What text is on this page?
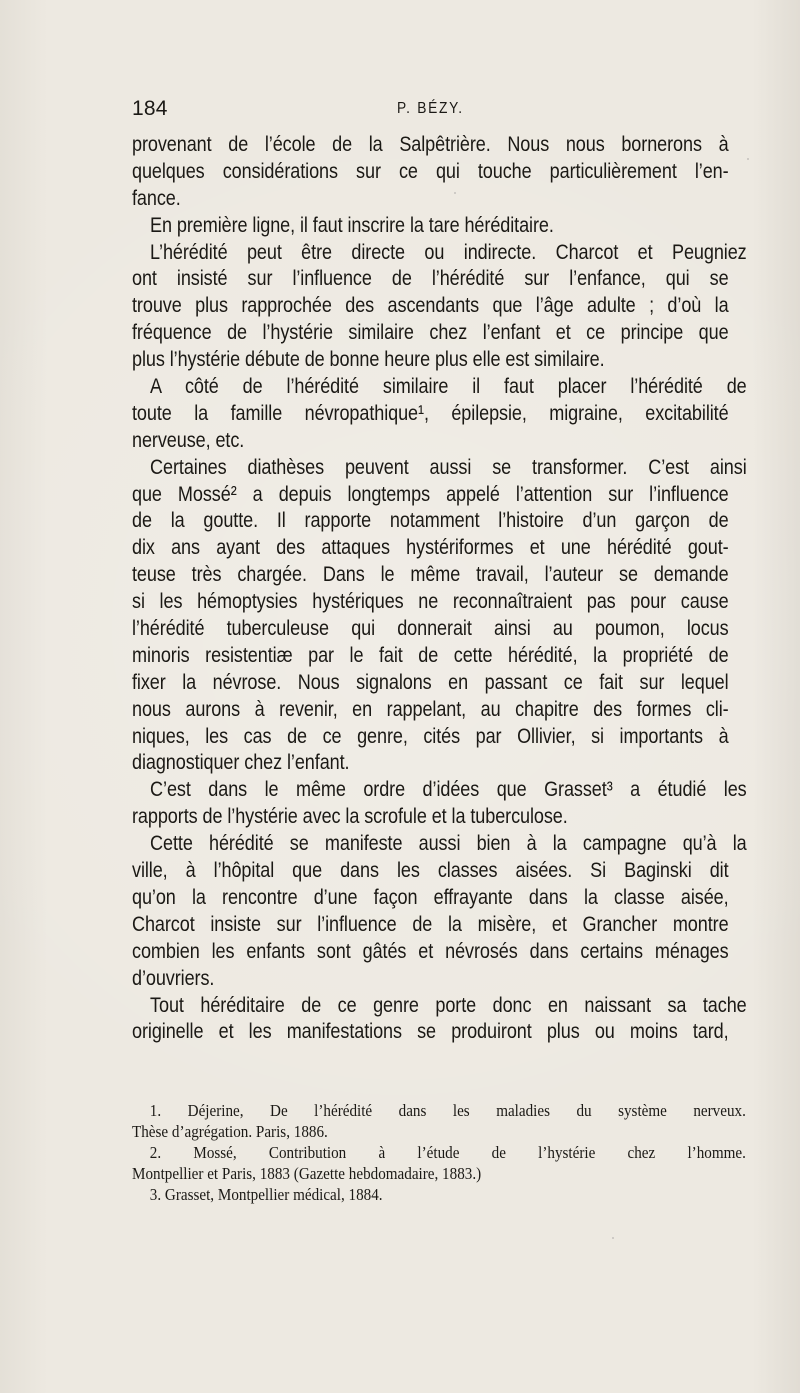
184	P. BÉZY.
provenant de l’école de la Salpêtrière. Nous nous bornerons à
quelques considérations sur ce qui touche particulièrement l’en-
fance.
En première ligne, il faut inscrire la tare héréditaire.
L’hérédité peut être directe ou indirecte. Charcot et Peugniez
ont insisté sur l’influence de l’hérédité sur l’enfance, qui se
trouve plus rapprochée des ascendants que l’âge adulte ; d’où la
fréquence de l’hystérie similaire chez l’enfant et ce principe que
plus l’hystérie débute de bonne heure plus elle est similaire.
A côté de l’hérédité similaire il faut placer l’hérédité de
toute la famille névropathique¹, épilepsie, migraine, excitabilité
nerveuse, etc.
Certaines diathèses peuvent aussi se transformer. C’est ainsi
que Mossé² a depuis longtemps appelé l’attention sur l’influence
de la goutte. Il rapporte notamment l’histoire d’un garçon de
dix ans ayant des attaques hystériformes et une hérédité gout-
teuse très chargée. Dans le même travail, l’auteur se demande
si les hémoptysies hystériques ne reconnaîtraient pas pour cause
l’hérédité tuberculeuse qui donnerait ainsi au poumon, locus
minoris resistentiæ par le fait de cette hérédité, la propriété de
fixer la névrose. Nous signalons en passant ce fait sur lequel
nous aurons à revenir, en rappelant, au chapitre des formes cli-
niques, les cas de ce genre, cités par Ollivier, si importants à
diagnostiquer chez l’enfant.
C’est dans le même ordre d’idées que Grasset³ a étudié les
rapports de l’hystérie avec la scrofule et la tuberculose.
Cette hérédité se manifeste aussi bien à la campagne qu’à la
ville, à l’hôpital que dans les classes aisées. Si Baginski dit
qu’on la rencontre d’une façon effrayante dans la classe aisée,
Charcot insiste sur l’influence de la misère, et Grancher montre
combien les enfants sont gâtés et névrosés dans certains ménages
d’ouvriers.
Tout héréditaire de ce genre porte donc en naissant sa tache
originelle et les manifestations se produiront plus ou moins tard,
1. Déjerine, De l’hérédité dans les maladies du système nerveux.
Thèse d’agrégation. Paris, 1886.
2. Mossé, Contribution à l’étude de l’hystérie chez l’homme.
Montpellier et Paris, 1883 (Gazette hebdomadaire, 1883.)
3. Grasset, Montpellier médical, 1884.
